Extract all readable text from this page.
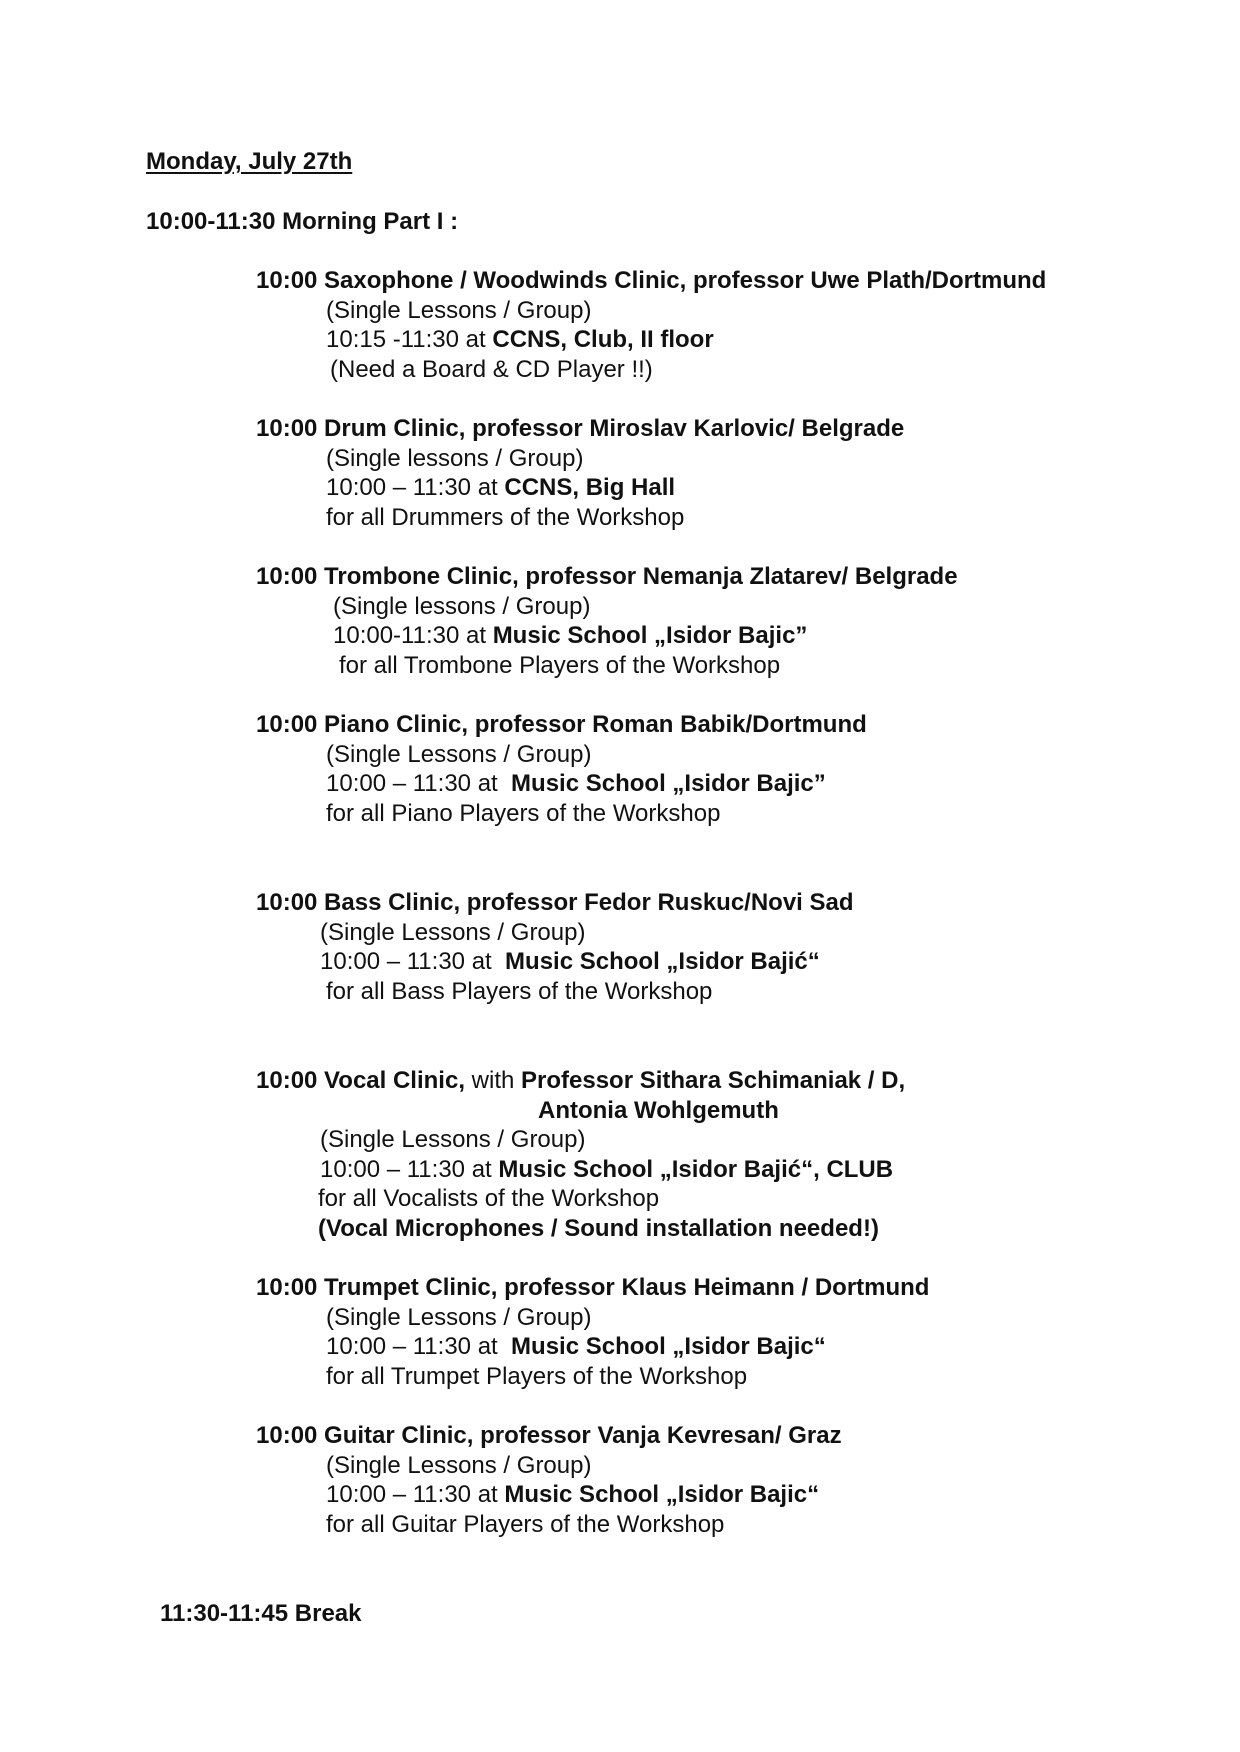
Monday, July 27th
10:00-11:30 Morning Part I :
10:00 Saxophone / Woodwinds Clinic, professor Uwe Plath/Dortmund
(Single Lessons / Group)
10:15 -11:30 at CCNS, Club, II floor
(Need a Board & CD Player !!)
10:00 Drum Clinic, professor Miroslav Karlovic/ Belgrade
(Single lessons / Group)
10:00 – 11:30 at CCNS, Big Hall
for all Drummers of the Workshop
10:00 Trombone Clinic, professor Nemanja Zlatarev/ Belgrade
(Single lessons / Group)
10:00-11:30 at Music School „Isidor Bajic”
for all Trombone Players of the Workshop
10:00 Piano Clinic, professor Roman Babik/Dortmund
(Single Lessons / Group)
10:00 – 11:30 at  Music School „Isidor Bajic”
for all Piano Players of the Workshop
10:00 Bass Clinic, professor Fedor Ruskuc/Novi Sad
(Single Lessons / Group)
10:00 – 11:30 at  Music School „Isidor Bajić“
for all Bass Players of the Workshop
10:00 Vocal Clinic, with Professor Sithara Schimaniak / D,
Antonia Wohlgemuth
(Single Lessons / Group)
10:00 – 11:30 at Music School „Isidor Bajić“, CLUB
for all Vocalists of the Workshop
(Vocal Microphones / Sound installation needed!)
10:00 Trumpet Clinic, professor Klaus Heimann / Dortmund
(Single Lessons / Group)
10:00 – 11:30 at  Music School „Isidor Bajic“
for all Trumpet Players of the Workshop
10:00 Guitar Clinic, professor Vanja Kevresan/ Graz
(Single Lessons / Group)
10:00 – 11:30 at Music School „Isidor Bajic“
for all Guitar Players of the Workshop
11:30-11:45 Break
